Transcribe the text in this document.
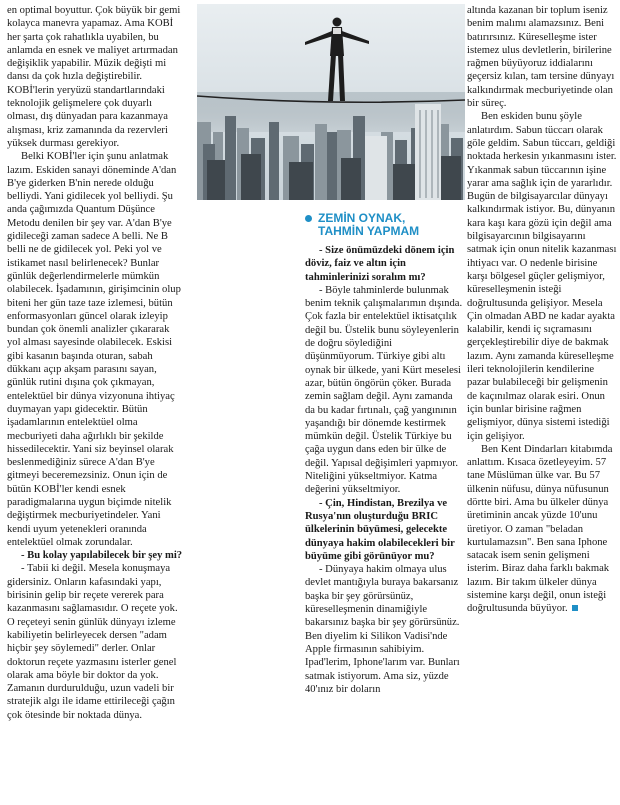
en optimal boyuttur. Çok büyük bir gemi kolayca manevra yapamaz. Ama KOBİ her şarta çok rahatlıkla uyabilen, bu anlamda en esnek ve maliyet artırmadan değişiklik yapabilir. Müzik değişti mi dansı da çok hızla değiştirebilir. KOBİ'lerin yeryüzü standartlarındaki teknolojik gelişmelere çok duyarlı olması, dış dünyadan para kazanmaya alışması, kriz zamanında da rezervleri yüksek durması gerekiyor.

Belki KOBİ'ler için şunu anlatmak lazım. Eskiden sanayi döneminde A'dan B'ye giderken B'nin nerede olduğu belliydi. Yani gidilecek yol belliydi. Şu anda çağımızda Quantum Düşünce Metodu denilen bir şey var. A'dan B'ye gidileceği zaman sadece A belli. Ne B belli ne de gidilecek yol. Peki yol ve istikamet nasıl belirlenecek? Bunlar günlük değerlendirmelerle mümkün olabilecek. İşadamının, girişimcinin olup biteni her gün taze taze izlemesi, bütün enformasyonları güncel olarak izleyip bundan çok önemli analizler çıkararak yol alması sayesinde olabilecek. Eskisi gibi kasanın başında oturan, sabah dükkanı açıp akşam parasını sayan, günlük rutini dışına çok çıkmayan, entelektüel bir dünya vizyonuna ihtiyaç duymayan yapı gidecektir. Bütün işadamlarının entelektüel olma mecburiyeti daha ağırlıklı bir şekilde hissedilecektir. Yani siz beyinsel olarak beslenmediğiniz sürece A'dan B'ye gitmeyi beceremezsiniz. Onun için de bütün KOBİ'ler kendi esnek paradigmalarına uygun biçimde nitelik değiştirmek mecburiyetindeler. Yani kendi uyum yetenekleri oranında entelektüel olmak zorundalar.

- Bu kolay yapılabilecek bir şey mi?

- Tabii ki değil. Mesela konuşmaya gidersiniz. Onların kafasındaki yapı, birisinin gelip bir reçete vererek para kazanmasını sağlamasıdır. O reçete yok. O reçeteyi senin günlük dünyayı izleme kabiliyetin belirleyecek dersen "adam hiçbir şey söylemedi" derler. Onlar doktorun reçete yazmasını isterler genel olarak ama böyle bir doktor da yok. Zamanın durdurulduğu, uzun vadeli bir stratejik algı ile idame ettirileceği çağın çok ötesinde bir noktada dünya.

ZEMİN OYNAK,
TAHMİN YAPMAM

- Size önümüzdeki dönem için döviz, faiz ve altın için tahminlerinizi soralım mı?

- Böyle tahminlerde bulunmak benim teknik çalışmalarımın dışında. Çok fazla bir entelektüel iktisatçılık değil bu. Üstelik bunu söyleyenlerin de doğru söylediğini düşünmüyorum. Türkiye gibi altı oynak bir ülkede, yani Kürt meselesi azar, bütün öngörün çöker. Burada zemin sağlam değil. Aynı zamanda da bu kadar fırtınalı, çağ yangınının yaşandığı bir dönemde kestirmek mümkün değil. Üstelik Türkiye bu çağa uygun dans eden bir ülke de değil. Yapısal değişimleri yapmıyor. Niteliğini yükseltmiyor. Katma değerini yükseltmiyor.

- Çin, Hindistan, Brezilya ve Rusya'nın oluşturduğu BRIC ülkelerinin büyümesi, gelecekte dünyaya hakim olabilecekleri bir büyüme gibi görünüyor mu?

- Dünyaya hakim olmaya ulus devlet mantığıyla buraya bakarsanız başka bir şey görürsünüz, küreselleşmenin dinamiğiyle bakarsınız başka bir şey görürsünüz. Ben diyelim ki Silikon Vadisi'nde Apple firmasının sahibiyim. Ipad'lerim, Iphone'larım var. Bunları satmak istiyorum. Ama siz, yüzde 40'ınız bir doların

altında kazanan bir toplum iseniz benim malımı alamazsınız. Beni batırırsınız. Küreselleşme ister istemez ulus devletlerin, birilerine rağmen büyüyoruz iddialarını geçersiz kılan, tam tersine dünyayı kalkındırmak mecburiyetinde olan bir süreç.

Ben eskiden bunu şöyle anlatırdım. Sabun tüccarı olarak göle geldim. Sabun tüccarı, geldiği noktada herkesin yıkanmasını ister. Yıkanmak sabun tüccarının işine yarar ama sağlık için de yararlıdır. Bugün de bilgisayarcılar dünyayı kalkındırmak istiyor. Bu, dünyanın kara kaşı kara gözü için değil ama bilgisayarcının bilgisayarını satmak için onun nitelik kazanması ihtiyacı var. O nedenle birisine karşı bölgesel güçler gelişmiyor, küreselleşmenin isteği doğrultusunda gelişiyor. Mesela Çin olmadan ABD ne kadar ayakta kalabilir, kendi iç sıçramasını gerçekleştirebilir diye de bakmak lazım. Aynı zamanda küreselleşme ileri teknolojilerin kendilerine pazar bulabileceği bir gelişmenin de kaçınılmaz olarak esiri. Onun için bunlar birisine rağmen gelişmiyor, dünya sistemi istediği için gelişiyor.

Ben Kent Dindarları kitabımda anlattım. Kısaca özetleyeyim. 57 tane Müslüman ülke var. Bu 57 ülkenin nüfusu, dünya nüfusunun dörtte biri. Ama bu ülkeler dünya üretiminin ancak yüzde 10'unu üretiyor. O zaman "beladan kurtulamazsın". Ben sana Iphone satacak isem senin gelişmeni isterim. Biraz daha farklı bakmak lazım. Bir takım ülkeler dünya sistemine karşı değil, onun isteği doğrultusunda büyüyor.
